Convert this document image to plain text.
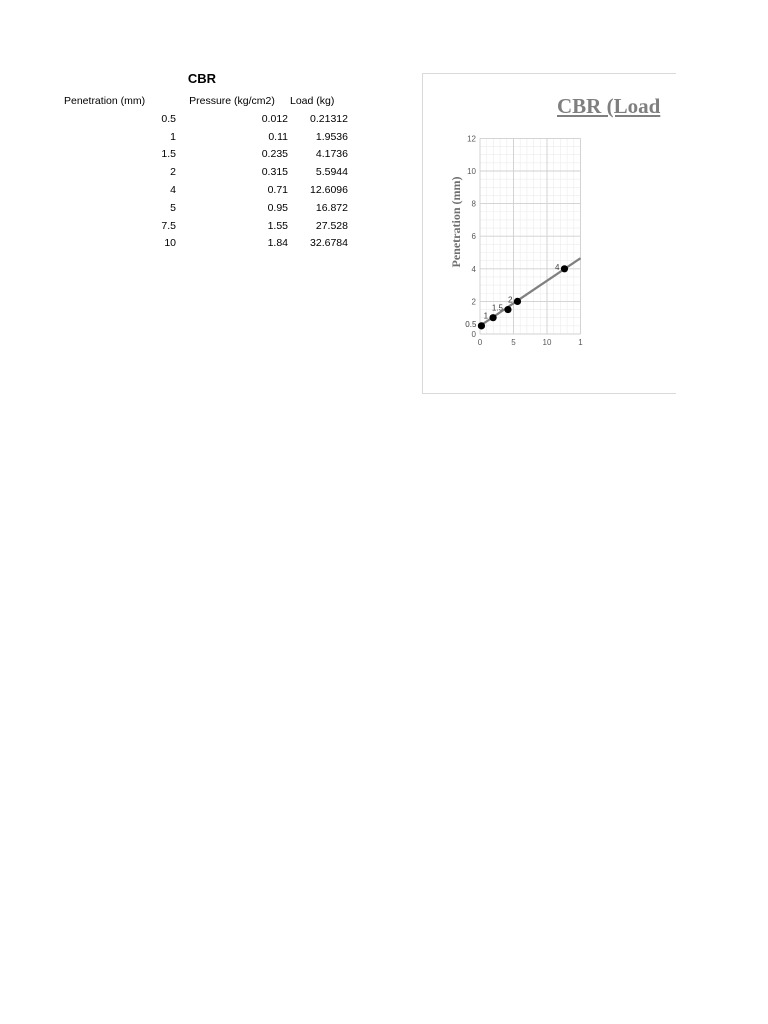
CBR
Penetration (mm)	Pressure (kg/cm2)	Load (kg)
0.5	0.012	0.21312
1	0.11	1.9536
1.5	0.235	4.1736
2	0.315	5.5944
4	0.71	12.6096
5	0.95	16.872
7.5	1.55	27.528
10	1.84	32.6784
CBR (Load
Penetration (mm)
0
2
4
6
8
10
12
0	5	10	1
0.5
1
1.5
2
4
